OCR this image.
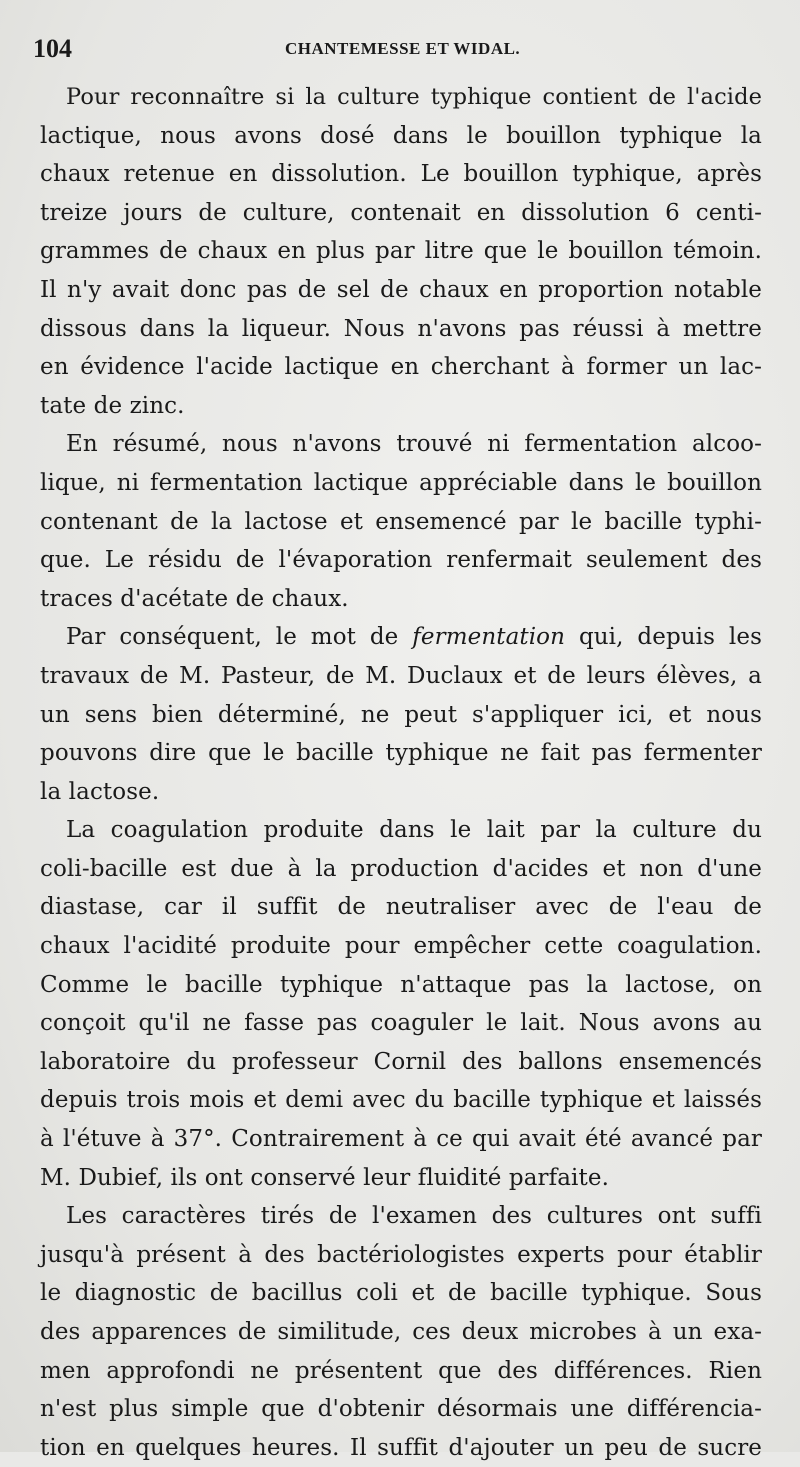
104	CHANTEMESSE ET WIDAL.
Pour reconnaître si la culture typhique contient de l'acide
lactique, nous avons dosé dans le bouillon typhique la
chaux retenue en dissolution. Le bouillon typhique, après
treize jours de culture, contenait en dissolution 6 centi-
grammes de chaux en plus par litre que le bouillon témoin.
Il n'y avait donc pas de sel de chaux en proportion notable
dissous dans la liqueur. Nous n'avons pas réussi à mettre
en évidence l'acide lactique en cherchant à former un lac-
tate de zinc.
En résumé, nous n'avons trouvé ni fermentation alcoo-
lique, ni fermentation lactique appréciable dans le bouillon
contenant de la lactose et ensemencé par le bacille typhi-
que. Le résidu de l'évaporation renfermait seulement des
traces d'acétate de chaux.
Par conséquent, le mot de fermentation qui, depuis les
travaux de M. Pasteur, de M. Duclaux et de leurs élèves, a
un sens bien déterminé, ne peut s'appliquer ici, et nous
pouvons dire que le bacille typhique ne fait pas fermenter
la lactose.
La coagulation produite dans le lait par la culture du
coli-bacille est due à la production d'acides et non d'une
diastase, car il suffit de neutraliser avec de l'eau de
chaux l'acidité produite pour empêcher cette coagulation.
Comme le bacille typhique n'attaque pas la lactose, on
conçoit qu'il ne fasse pas coaguler le lait. Nous avons au
laboratoire du professeur Cornil des ballons ensemencés
depuis trois mois et demi avec du bacille typhique et laissés
à l'étuve à 37°. Contrairement à ce qui avait été avancé par
M. Dubief, ils ont conservé leur fluidité parfaite.
Les caractères tirés de l'examen des cultures ont suffi
jusqu'à présent à des bactériologistes experts pour établir
le diagnostic de bacillus coli et de bacille typhique. Sous
des apparences de similitude, ces deux microbes à un exa-
men approfondi ne présentent que des différences. Rien
n'est plus simple que d'obtenir désormais une différencia-
tion en quelques heures. Il suffit d'ajouter un peu de sucre
